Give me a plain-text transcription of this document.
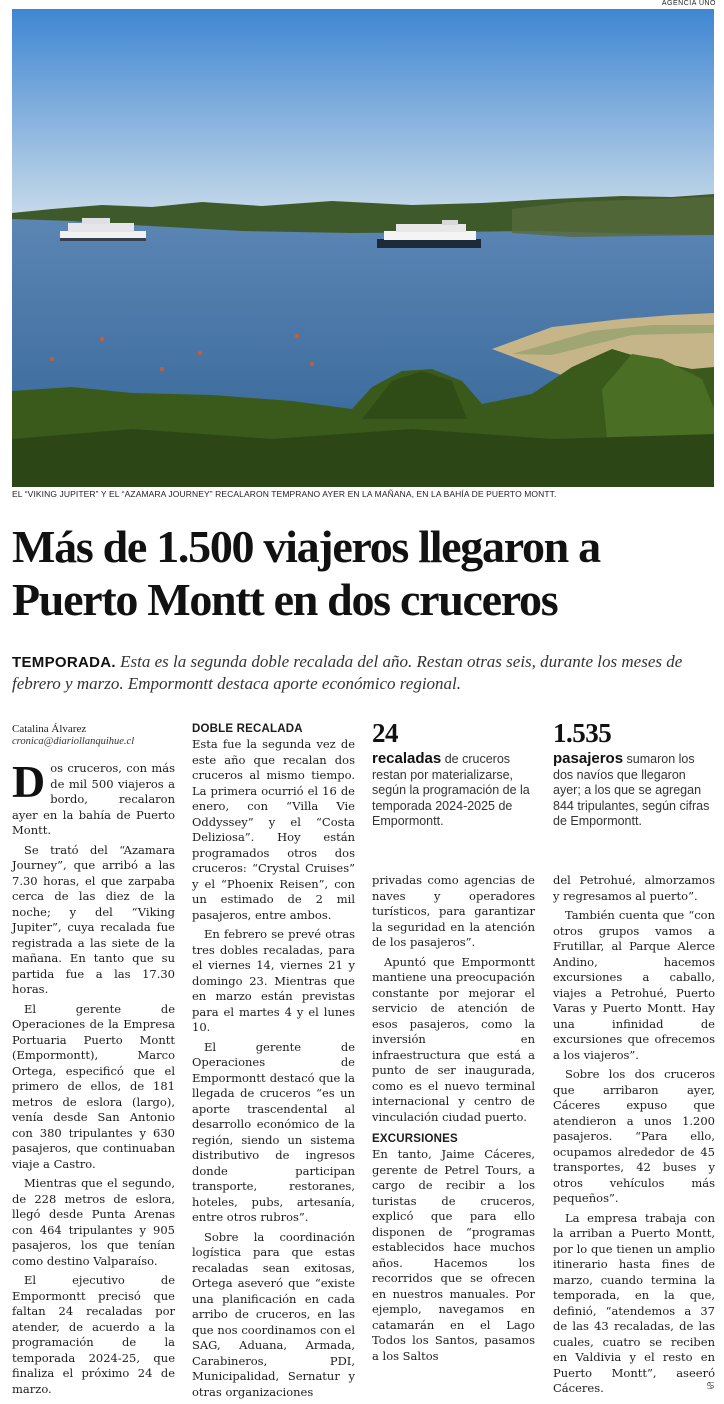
AGENCIA UNO
EL “VIKING JUPITER” Y EL “AZAMARA JOURNEY” RECALARON TEMPRANO AYER EN LA MAÑANA, EN LA BAHÍA DE PUERTO MONTT.
Más de 1.500 viajeros llegaron a Puerto Montt en dos cruceros

TEMPORADA. Esta es la segunda doble recalada del año. Restan otras seis, durante los meses de febrero y marzo. Empormontt destaca aporte económico regional.

Catalina Álvarez
cronica@diariollanquihue.cl

Dos cruceros, con más de mil 500 viajeros a bordo, recalaron ayer en la bahía de Puerto Montt.

Se trató del “Azamara Journey”, que arribó a las 7.30 horas, el que zarpaba cerca de las diez de la noche; y del “Viking Jupiter”, cuya recalada fue registrada a las siete de la mañana. En tanto que su partida fue a las 17.30 horas.

El gerente de Operaciones de la Empresa Portuaria Puerto Montt (Empormontt), Marco Ortega, especificó que el primero de ellos, de 181 metros de eslora (largo), venía desde San Antonio con 380 tripulantes y 630 pasajeros, que continuaban viaje a Castro.

Mientras que el segundo, de 228 metros de eslora, llegó desde Punta Arenas con 464 tripulantes y 905 pasajeros, los que tenían como destino Valparaíso.

El ejecutivo de Empormontt precisó que faltan 24 recaladas por atender, de acuerdo a la programación de la temporada 2024-25, que finaliza el próximo 24 de marzo.

DOBLE RECALADA

Esta fue la segunda vez de este año que recalan dos cruceros al mismo tiempo. La primera ocurrió el 16 de enero, con “Villa Vie Oddyssey” y el “Costa Deliziosa”. Hoy están programados otros dos cruceros: “Crystal Cruises” y el “Phoenix Reisen”, con un estimado de 2 mil pasajeros, entre ambos.

En febrero se prevé otras tres dobles recaladas, para el viernes 14, viernes 21 y domingo 23. Mientras que en marzo están previstas para el martes 4 y el lunes 10.

El gerente de Operaciones de Empormontt destacó que la llegada de cruceros “es un aporte trascendental al desarrollo económico de la región, siendo un sistema distributivo de ingresos donde participan transporte, restoranes, hoteles, pubs, artesanía, entre otros rubros”.

Sobre la coordinación logística para que estas recaladas sean exitosas, Ortega aseveró que “existe una planificación en cada arribo de cruceros, en las que nos coordinamos con el SAG, Aduana, Armada, Carabineros, PDI, Municipalidad, Sernatur y otras organizaciones

24
recaladas de cruceros restan por materializarse, según la programación de la temporada 2024-2025 de Empormontt.
1.535
pasajeros sumaron los dos navíos que llegaron ayer; a los que se agregan 844 tripulantes, según cifras de Empormontt.

privadas como agencias de naves y operadores turísticos, para garantizar la seguridad en la atención de los pasajeros”.

Apuntó que Empormontt mantiene una preocupación constante por mejorar el servicio de atención de esos pasajeros, como la inversión en infraestructura que está a punto de ser inaugurada, como es el nuevo terminal internacional y centro de vinculación ciudad puerto.

EXCURSIONES

En tanto, Jaime Cáceres, gerente de Petrel Tours, a cargo de recibir a los turistas de cruceros, explicó que para ello disponen de “programas establecidos hace muchos años. Hacemos los recorridos que se ofrecen en nuestros manuales. Por ejemplo, navegamos en catamarán en el Lago Todos los Santos, pasamos a los Saltos

del Petrohué, almorzamos y regresamos al puerto”.

También cuenta que “con otros grupos vamos a Frutillar, al Parque Alerce Andino, hacemos excursiones a caballo, viajes a Petrohué, Puerto Varas y Puerto Montt. Hay una infinidad de excursiones que ofrecemos a los viajeros”.

Sobre los dos cruceros que arribaron ayer, Cáceres expuso que atendieron a unos 1.200 pasajeros. “Para ello, ocupamos alrededor de 45 transportes, 42 buses y otros vehículos más pequeños”.

La empresa trabaja con la arriban a Puerto Montt, por lo que tienen un amplio itinerario hasta fines de marzo, cuando termina la temporada, en la que, definió, “atendemos a 37 de las 43 recaladas, de las cuales, cuatro se reciben en Valdivia y el resto en Puerto Montt”, aseeró Cáceres.	♋
